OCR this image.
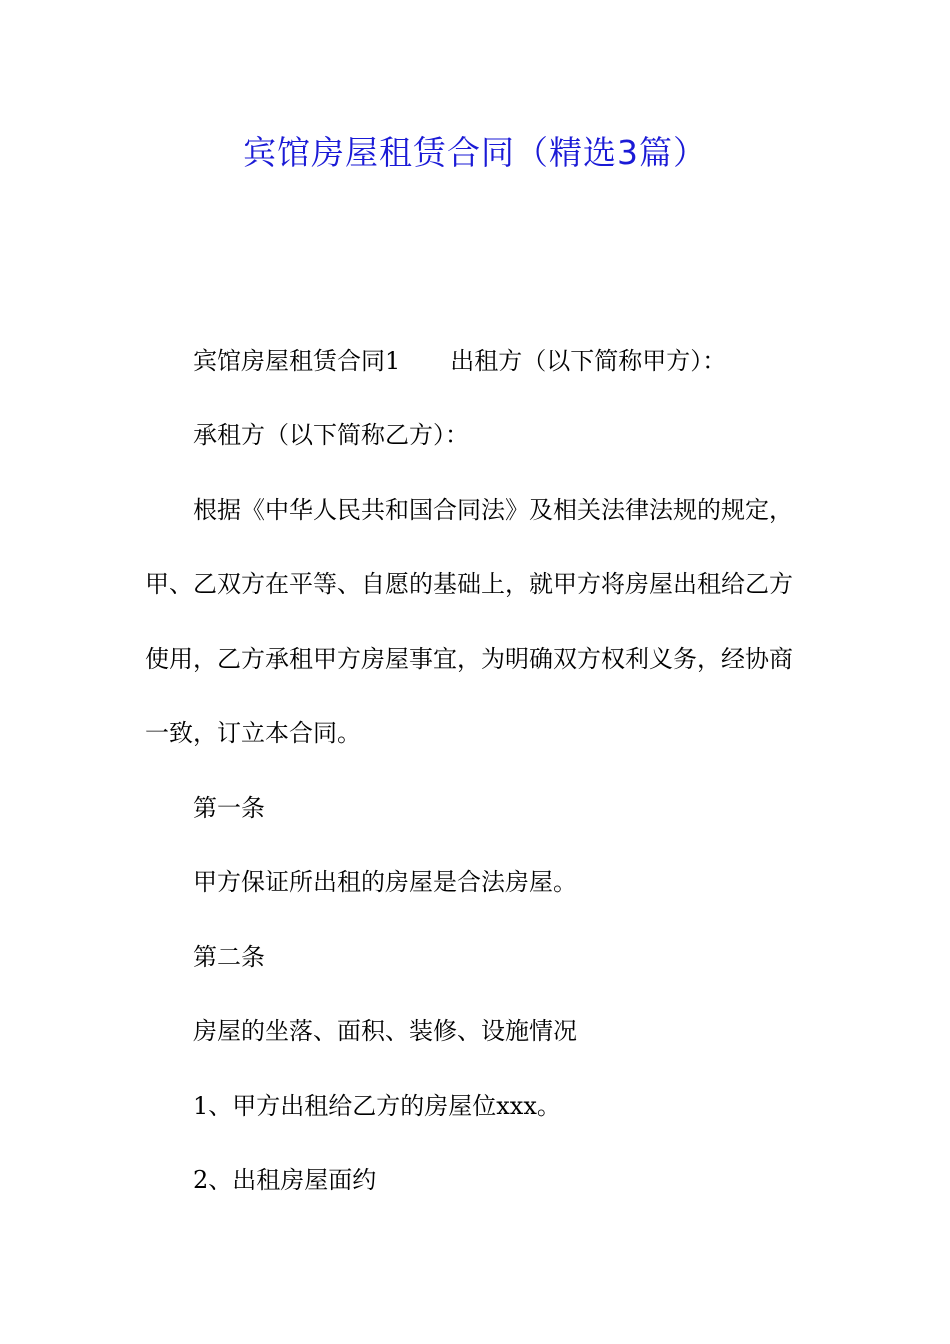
宾馆房屋租赁合同（精选3篇）
宾馆房屋租赁合同1 出租方（以下简称甲方）：
承租方（以下简称乙方）：
根据《中华人民共和国合同法》及相关法律法规的规定，
甲、乙双方在平等、自愿的基础上，就甲方将房屋出租给乙方
使用，乙方承租甲方房屋事宜，为明确双方权利义务，经协商
一致，订立本合同。
第一条
甲方保证所出租的房屋是合法房屋。
第二条
房屋的坐落、面积、装修、设施情况
1、甲方出租给乙方的房屋位xxx。
2、出租房屋面约
